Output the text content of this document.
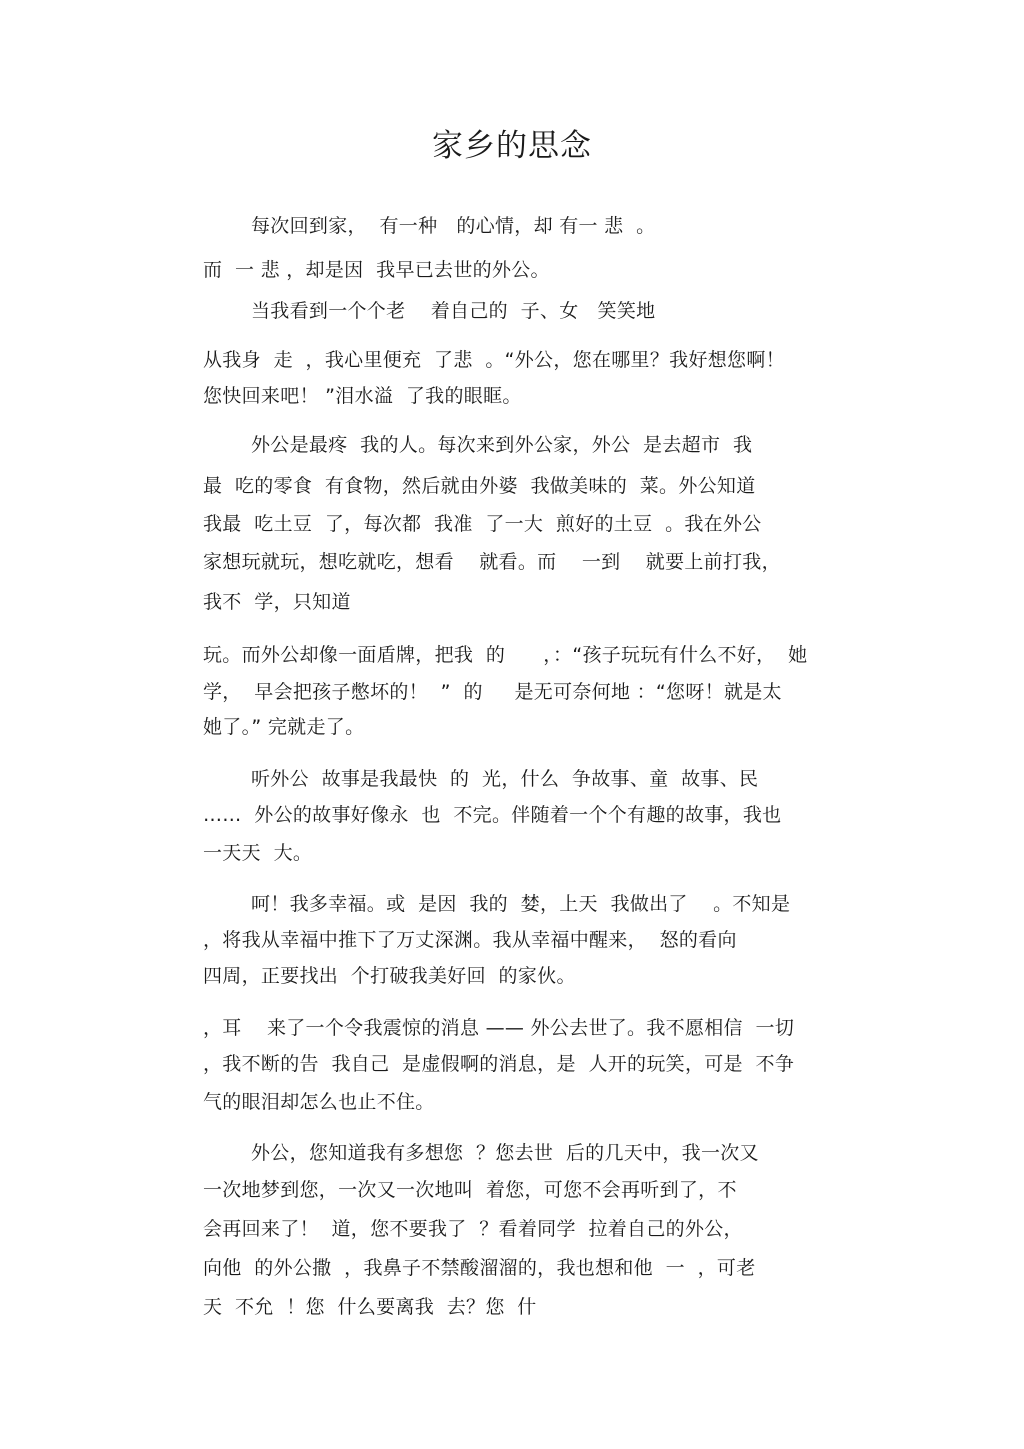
家乡的思念
每次回到家，  有一种   的心情，却 有一 悲  。
而  一 悲 ，却是因  我早已去世的外公。
当我看到一个个老    着自己的  子、女   笑笑地
从我身  走  ，我心里便充  了悲  。“外公，您在哪里？我好想您啊！
您快回来吧！ ”泪水溢  了我的眼眶。
外公是最疼  我的人。每次来到外公家，外公  是去超市  我
最  吃的零食  有食物，然后就由外婆  我做美味的  菜。外公知道
我最  吃土豆  了，每次都  我准  了一大  煎好的土豆  。我在外公
家想玩就玩，想吃就吃，想看    就看。而    一到    就要上前打我，
我不  学，只知道
玩。而外公却像一面盾牌，把我  的      ，：“孩子玩玩有什么不好，  她
学，  早会把孩子憋坏的！  ”  的     是无可奈何地 ：“您呀！就是太
她了。” 完就走了。
听外公  故事是我最快  的  光，什么  争故事、童  故事、民
……  外公的故事好像永  也  不完。伴随着一个个有趣的故事，我也
一天天  大。
呵！我多幸福。或  是因  我的  婪，上天  我做出了    。不知是
，将我从幸福中推下了万丈深渊。我从幸福中醒来，  怒的看向
四周，正要找出  个打破我美好回  的家伙。
，耳    来了一个令我震惊的消息 —— 外公去世了。我不愿相信  一切
，我不断的告  我自己  是虚假啊的消息，是  人开的玩笑，可是  不争
气的眼泪却怎么也止不住。
外公，您知道我有多想您  ？您去世  后的几天中，我一次又
一次地梦到您，一次又一次地叫  着您，可您不会再听到了，不
会再回来了！  道，您不要我了  ？看着同学  拉着自己的外公，
向他  的外公撒  ，我鼻子不禁酸溜溜的，我也想和他  一  ，可老
天  不允  ！您  什么要离我  去？您  什
